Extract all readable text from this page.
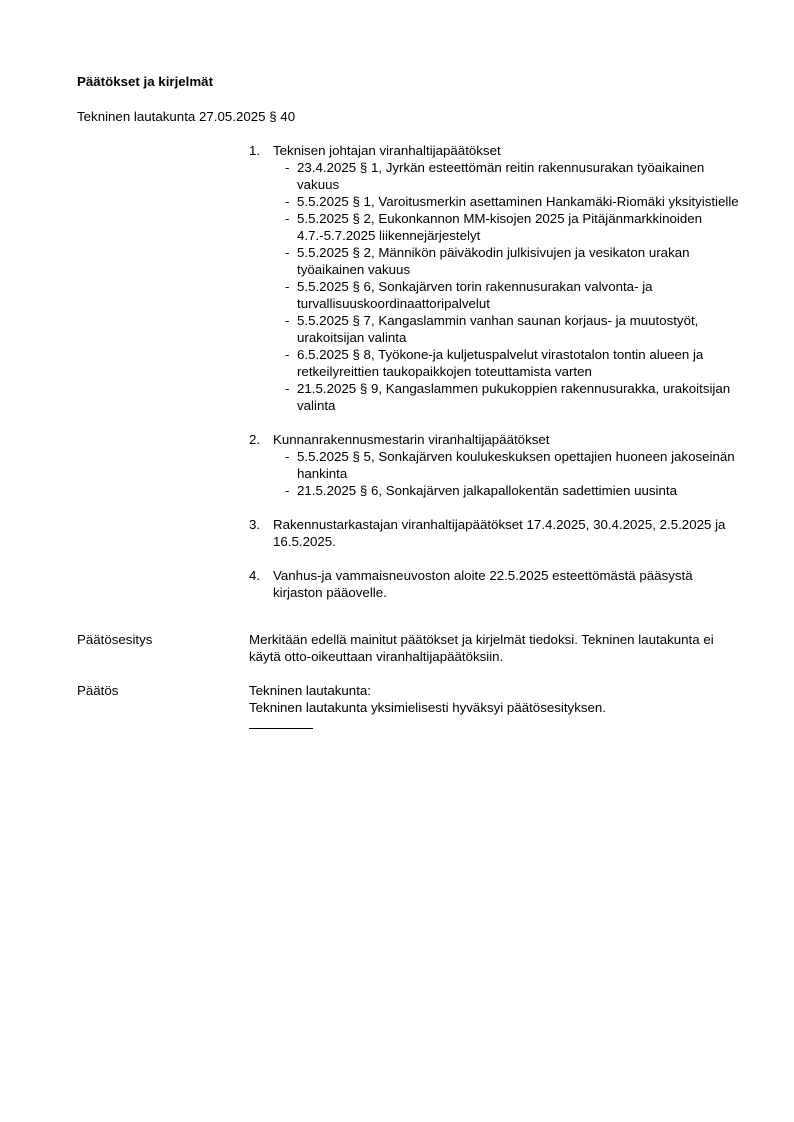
Päätökset ja kirjelmät
Tekninen lautakunta 27.05.2025 § 40
1. Teknisen johtajan viranhaltijapäätökset
- 23.4.2025 § 1, Jyrkän esteettömän reitin rakennusurakan työaikainen vakuus
- 5.5.2025 § 1, Varoitusmerkin asettaminen Hankamäki-Riomäki yksityistielle
- 5.5.2025 § 2, Eukonkannon MM-kisojen 2025 ja Pitäjänmarkkinoiden 4.7.-5.7.2025 liikennejärjestelyt
- 5.5.2025 § 2, Männikön päiväkodin julkisivujen ja vesikaton urakan työaikainen vakuus
- 5.5.2025 § 6, Sonkajärven torin rakennusurakan valvonta- ja turvallisuuskoordinaattoripalvelut
- 5.5.2025 § 7, Kangaslammin vanhan saunan korjaus- ja muutostyöt, urakoitsijan valinta
- 6.5.2025 § 8, Työkone-ja kuljetuspalvelut virastotalon tontin alueen ja retkeilyreittien taukopaikkojen toteuttamista varten
- 21.5.2025 § 9, Kangaslammen pukukoppien rakennusurakka, urakoitsijan valinta
2. Kunnanrakennusmestarin viranhaltijapäätökset
- 5.5.2025 § 5, Sonkajärven koulukeskuksen opettajien huoneen jakoseinän hankinta
- 21.5.2025 § 6, Sonkajärven jalkapallokentän sadettimien uusinta
3. Rakennustarkastajan viranhaltijapäätökset 17.4.2025, 30.4.2025, 2.5.2025 ja 16.5.2025.
4. Vanhus-ja vammaisneuvoston aloite 22.5.2025 esteettömästä pääsystä kirjaston pääovelle.
Päätösesitys	Merkitään edellä mainitut päätökset ja kirjelmät tiedoksi. Tekninen lautakunta ei käytä otto-oikeuttaan viranhaltijapäätöksiin.
Päätös	Tekninen lautakunta:
Tekninen lautakunta yksimielisesti hyväksyi päätösesityksen.
